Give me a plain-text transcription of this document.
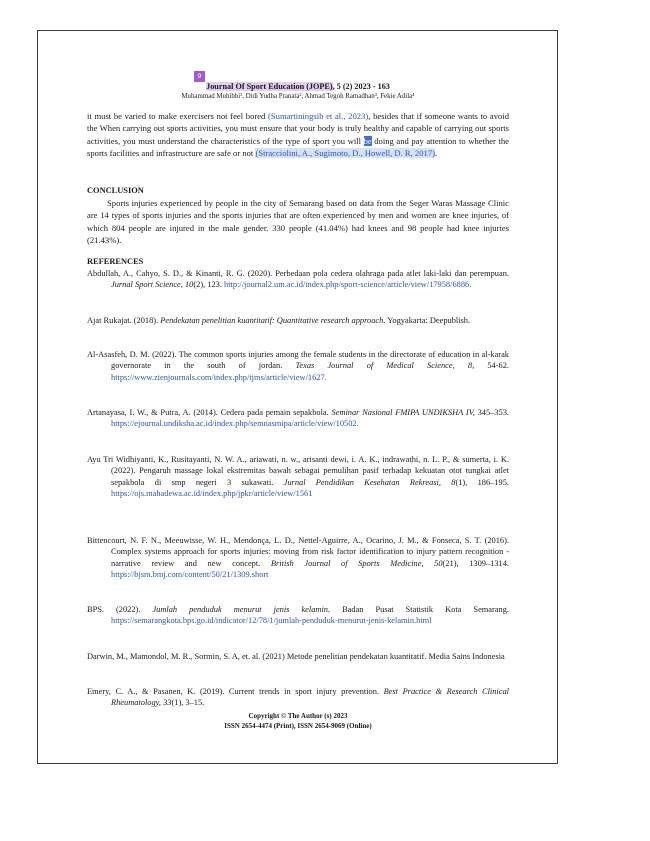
9
Journal Of Sport Education (JOPE), 5 (2) 2023 - 163
Muhammad Muhibbi¹, Didi Yudha Pranata², Ahmad Tegoh Ramadhan³, Fekie Adila⁴
it must be varied to make exercisers not feel bored (Sumartiningsih et al., 2023), besides that if someone wants to avoid the When carrying out sports activities, you must ensure that your body is truly healthy and capable of carrying out sports activities, you must understand the characteristics of the type of sport you will be doing and pay attention to whether the sports facilities and infrastructure are safe or not (Stracciolini, A., Sugimoto, D., Howell, D. R, 2017).
CONCLUSION
Sports injuries experienced by people in the city of Semarang based on data from the Seger Waras Massage Clinic are 14 types of sports injuries and the sports injuries that are often experienced by men and women are knee injuries, of which 804 people are injured in the male gender. 330 people (41.04%) had knees and 98 people had knee injuries (21.43%).
REFERENCES
Abdullah, A., Cahyo, S. D., & Kinanti, R. G. (2020). Perbedaan pola cedera olahraga pada atlet laki-laki dan perempuan. Jurnal Sport Science, 10(2), 123. http://journal2.um.ac.id/index.php/sport-science/article/view/17958/6886.
Ajat Rukajat. (2018). Pendekatan penelitian kuantitatif: Quantitative research approach. Yogyakarta: Deepublish.
Al-Asasfeh, D. M. (2022). The common sports injuries among the female students in the directorate of education in al-karak governorate in the south of jordan. Texas Journal of Medical Science, 8, 54-62. https://www.zienjournals.com/index.php/tjms/article/view/1627.
Artanayasa, I. W., & Putra, A. (2014). Cedera pada pemain sepakbola. Seminar Nasional FMIPA UNDIKSHA IV, 345–353. https://ejournal.undiksha.ac.id/index.php/semnasmipa/article/view/10502.
Ayu Tri Widhiyanti, K., Rusitayanti, N. W. A., ariawati, n. w., arisanti dewi, i. A. K., indrawathi, n. L. P., & sumerta, i. K. (2022). Pengaruh massage lokal ekstremitas bawah sebagai pemulihan pasif terhadap kekuatan otot tungkai atlet sepakbola di smp negeri 3 sukawati. Jurnal Pendidikan Kesehatan Rekreasi, 8(1), 186–195. https://ojs.mahadewa.ac.id/index.php/jpkr/article/view/1561
Bittencourt, N. F. N., Meeuwisse, W. H., Mendonça, L. D., Nettel-Aguirre, A., Ocarino, J. M., & Fonseca, S. T. (2016). Complex systems approach for sports injuries: moving from risk factor identification to injury pattern recognition - narrative review and new concept. British Journal of Sports Medicine, 50(21), 1309–1314. https://bjsm.bmj.com/content/50/21/1309.short
BPS. (2022). Jumlah penduduk menurut jenis kelamin. Badan Pusat Statistik Kota Semarang. https://semarangkota.bps.go.id/indicator/12/78/1/jumlah-penduduk-menurut-jenis-kelamin.html
Darwin, M., Mamondol, M. R., Sormin, S. A, et. al. (2021) Metode penelitian pendekatan kuantitatif. Media Sains Indonesia
Emery, C. A., & Pasanen, K. (2019). Current trends in sport injury prevention. Best Practice & Research Clinical Rheumatology, 33(1), 3–15.
Copyright © The Author (s) 2023
ISSN 2654-4474 (Print), ISSN 2654-9069 (Online)
